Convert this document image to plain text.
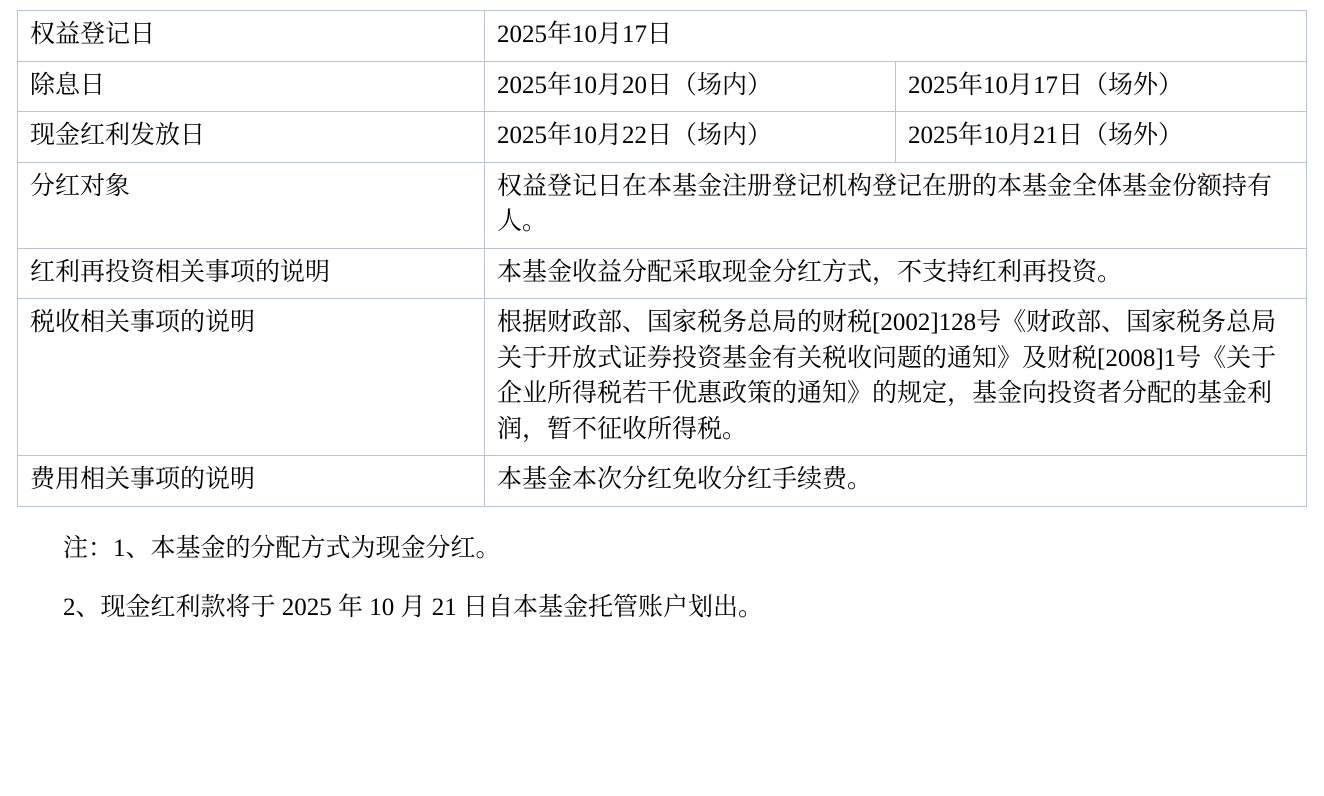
权益登记日	2025年10月17日	
除息日	2025年10月20日（场内）	2025年10月17日（场外）
现金红利发放日	2025年10月22日（场内）	2025年10月21日（场外）
分红对象	权益登记日在本基金注册登记机构登记在册的本基金全体基金份额持有人。	
红利再投资相关事项的说明	本基金收益分配采取现金分红方式，不支持红利再投资。	
税收相关事项的说明	根据财政部、国家税务总局的财税[2002]128号《财政部、国家税务总局关于开放式证券投资基金有关税收问题的通知》及财税[2008]1号《关于企业所得税若干优惠政策的通知》的规定，基金向投资者分配的基金利润，暂不征收所得税。	
费用相关事项的说明	本基金本次分红免收分红手续费。	
注：1、本基金的分配方式为现金分红。
2、现金红利款将于 2025 年 10 月 21 日自本基金托管账户划出。
